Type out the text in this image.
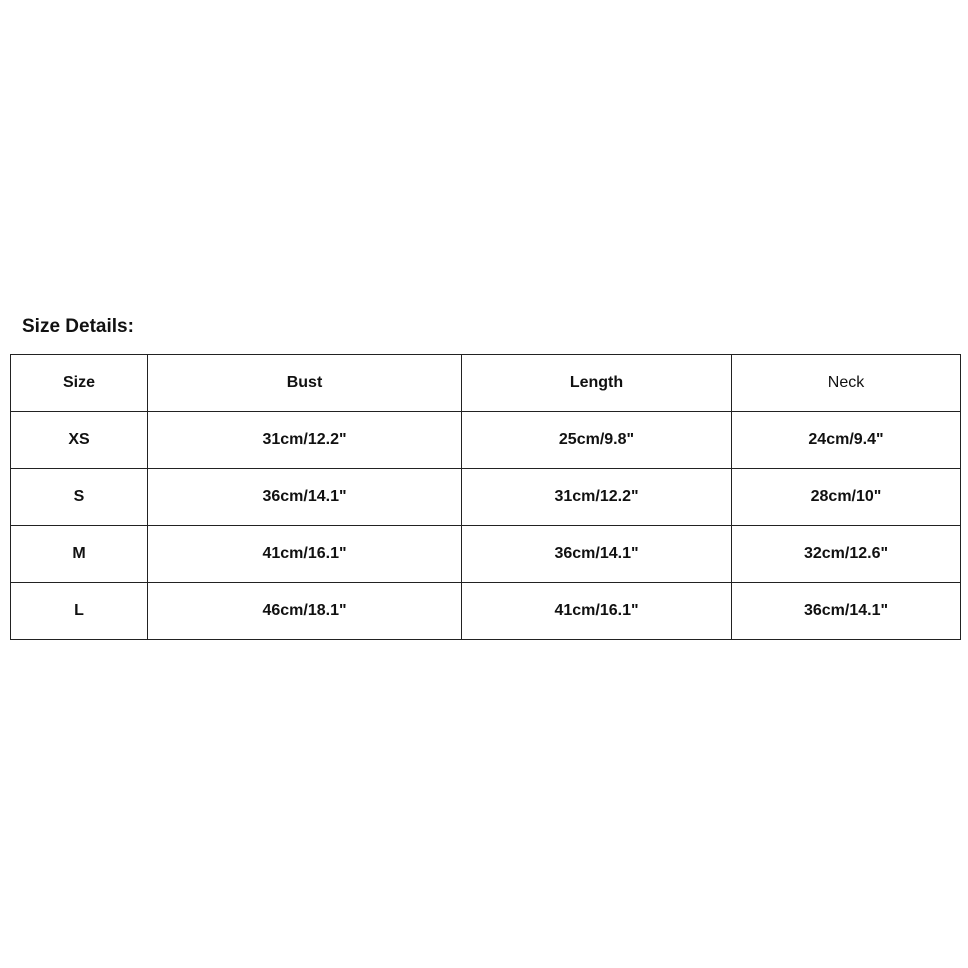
Size Details:
Size	Bust	Length	Neck
XS	31cm/12.2"	25cm/9.8"	24cm/9.4"
S	36cm/14.1"	31cm/12.2"	28cm/10"
M	41cm/16.1"	36cm/14.1"	32cm/12.6"
L	46cm/18.1"	41cm/16.1"	36cm/14.1"
